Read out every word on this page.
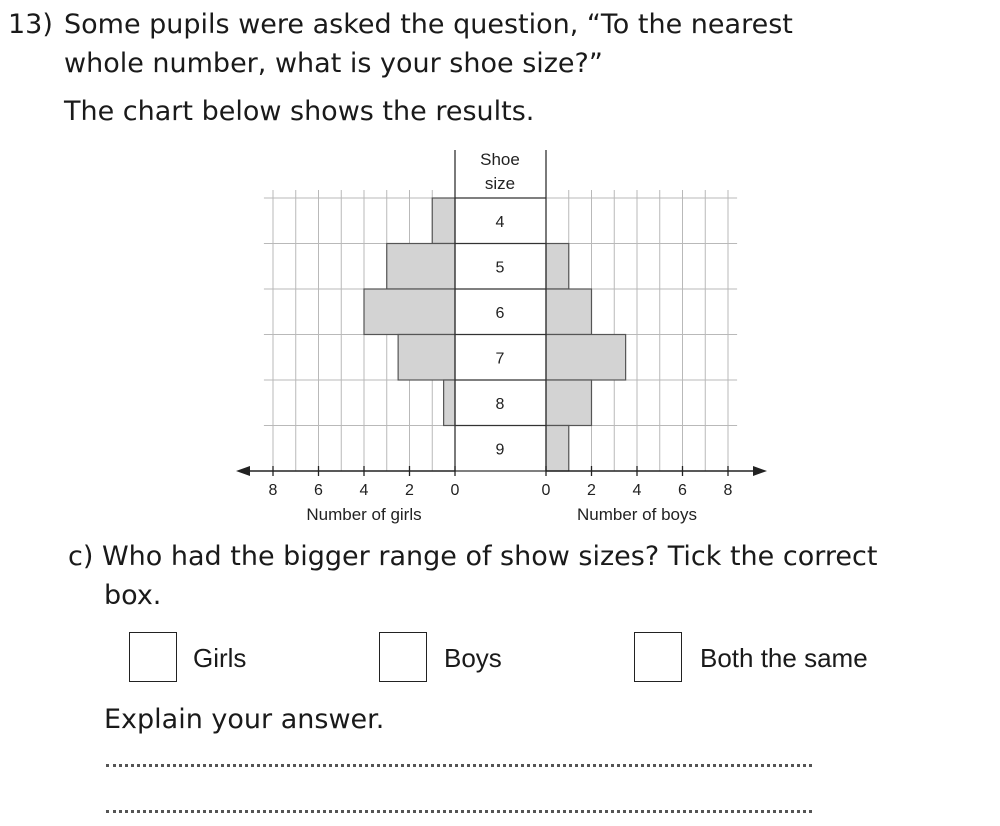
13) Some pupils were asked the question, “To the nearest
whole number, what is your shoe size?”
The chart below shows the results.
8 6 4 2 0	0 2 4 6 8
Number of girls	Number of boys
Shoe
size
4
5
6
7
8
9
c) Who had the bigger range of show sizes? Tick the correct
box.
Girls	Boys	Both the same
Explain your answer.
